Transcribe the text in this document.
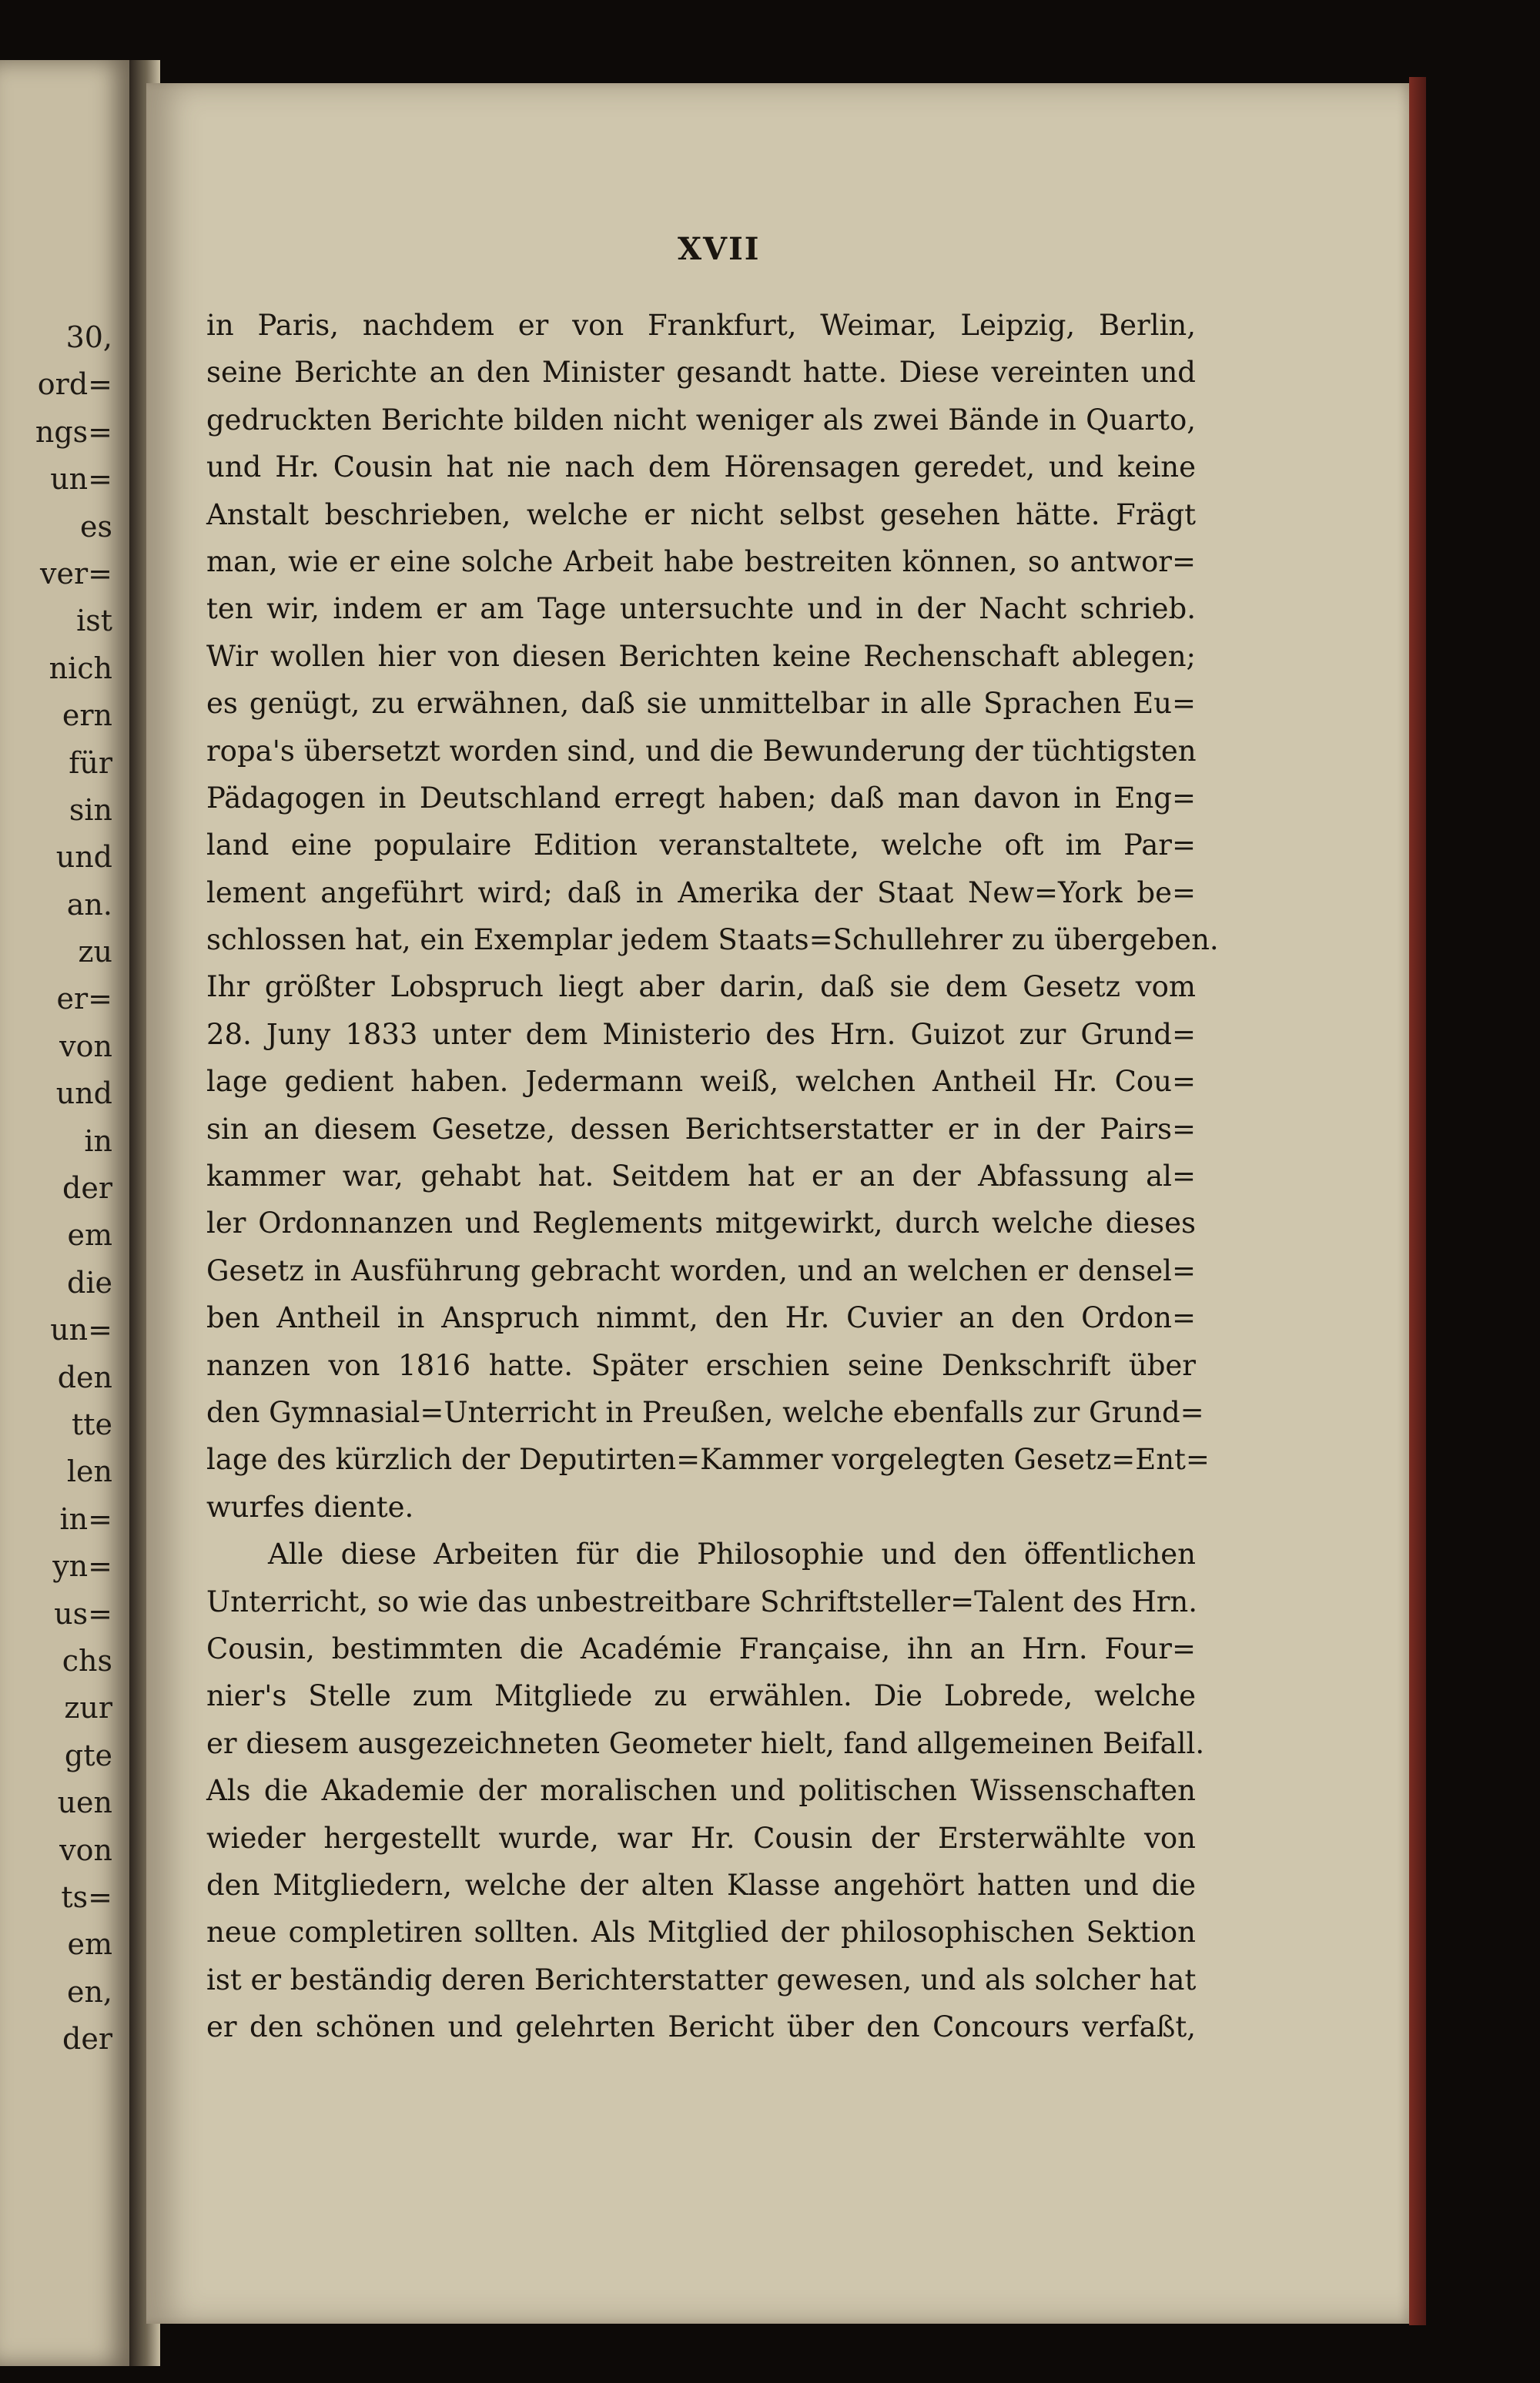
30,
ord=
ngs=
un=
es
ver=
ist
nich
ern
für
sin
und
an.
zu
er=
von
und
in
der
em
die
un=
den
tte
len
in=
yn=
us=
chs
zur
gte
uen
von
ts=
em
en,
der
XVII
in Paris, nachdem er von Frankfurt, Weimar, Leipzig, Berlin,
seine Berichte an den Minister gesandt hatte. Diese vereinten und
gedruckten Berichte bilden nicht weniger als zwei Bände in Quarto,
und Hr. Cousin hat nie nach dem Hörensagen geredet, und keine
Anstalt beschrieben, welche er nicht selbst gesehen hätte. Frägt
man, wie er eine solche Arbeit habe bestreiten können, so antwor=
ten wir, indem er am Tage untersuchte und in der Nacht schrieb.
Wir wollen hier von diesen Berichten keine Rechenschaft ablegen;
es genügt, zu erwähnen, daß sie unmittelbar in alle Sprachen Eu=
ropa's übersetzt worden sind, und die Bewunderung der tüchtigsten
Pädagogen in Deutschland erregt haben; daß man davon in Eng=
land eine populaire Edition veranstaltete, welche oft im Par=
lement angeführt wird; daß in Amerika der Staat New=York be=
schlossen hat, ein Exemplar jedem Staats=Schullehrer zu übergeben.
Ihr größter Lobspruch liegt aber darin, daß sie dem Gesetz vom
28. Juny 1833 unter dem Ministerio des Hrn. Guizot zur Grund=
lage gedient haben. Jedermann weiß, welchen Antheil Hr. Cou=
sin an diesem Gesetze, dessen Berichtserstatter er in der Pairs=
kammer war, gehabt hat. Seitdem hat er an der Abfassung al=
ler Ordonnanzen und Reglements mitgewirkt, durch welche dieses
Gesetz in Ausführung gebracht worden, und an welchen er densel=
ben Antheil in Anspruch nimmt, den Hr. Cuvier an den Ordon=
nanzen von 1816 hatte. Später erschien seine Denkschrift über
den Gymnasial=Unterricht in Preußen, welche ebenfalls zur Grund=
lage des kürzlich der Deputirten=Kammer vorgelegten Gesetz=Ent=
wurfes diente.
Alle diese Arbeiten für die Philosophie und den öffentlichen
Unterricht, so wie das unbestreitbare Schriftsteller=Talent des Hrn.
Cousin, bestimmten die Académie Française, ihn an Hrn. Four=
nier's Stelle zum Mitgliede zu erwählen. Die Lobrede, welche
er diesem ausgezeichneten Geometer hielt, fand allgemeinen Beifall.
Als die Akademie der moralischen und politischen Wissenschaften
wieder hergestellt wurde, war Hr. Cousin der Ersterwählte von
den Mitgliedern, welche der alten Klasse angehört hatten und die
neue completiren sollten. Als Mitglied der philosophischen Sektion
ist er beständig deren Berichterstatter gewesen, und als solcher hat
er den schönen und gelehrten Bericht über den Concours verfaßt,
